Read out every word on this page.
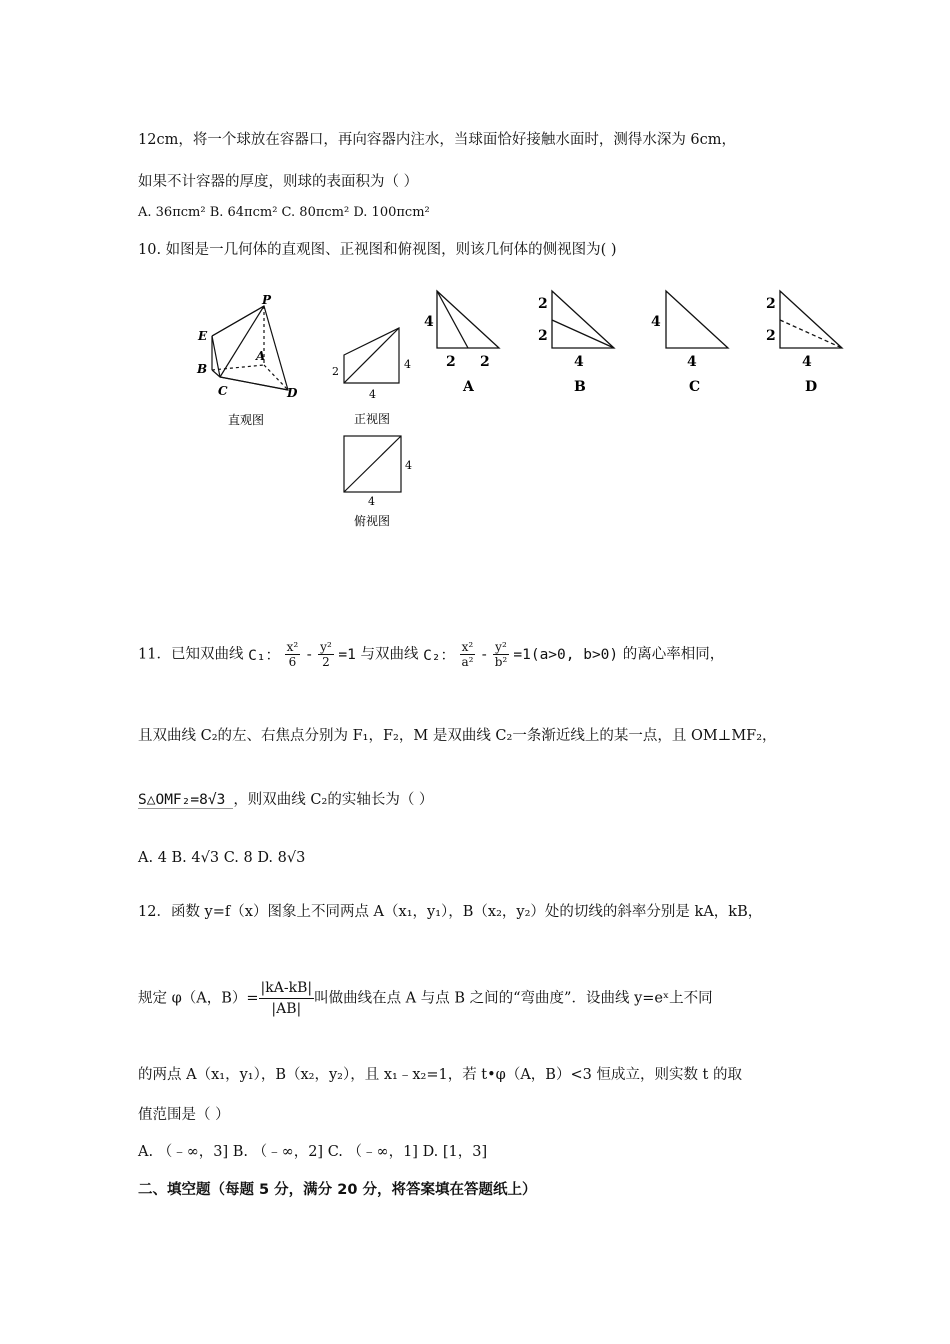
12cm，将一个球放在容器口，再向容器内注水，当球面恰好接触水面时，测得水深为 6cm，
如果不计容器的厚度，则球的表面积为（ ）
A. 36πcm² B. 64πcm² C. 80πcm² D. 100πcm²
10. 如图是一几何体的直观图、正视图和俯视图，则该几何体的侧视图为( )
P
E
A
B
C	D
直观图
2
4
4
正视图
4
4
俯视图
4
2 2
A
2
2
4
B
4
4
C
2
2
4
D
11．已知双曲线 C₁： $\frac{\text{x²}}{6} - \frac{\text{y²}}{2} =1$ 与双曲线 C₂： $\frac{\text{x²}}{\text{a²}} - \frac{\text{y²}}{\text{b²}} =1(a>0$, b>0) 的离心率相同，
且双曲线 C₂的左、右焦点分别为 F₁，F₂，M 是双曲线 C₂一条渐近线上的某一点，且 OM⊥MF₂，
S△OMF₂=8√3 ，则双曲线 C₂的实轴长为（ ）
A. 4 B. 4√3 C. 8 D. 8√3
12．函数 y=f（x）图象上不同两点 A（x₁，y₁），B（x₂，y₂）处的切线的斜率分别是 kA，kB，
规定 φ（A，$B)= \frac{|kA-kB|}{|AB|}$ 叫做曲线在点 A 与点 B 之间的“弯曲度”．设曲线 y=eˣ上不同
的两点 A（x₁，y₁），B（x₂，y₂），且 x₁﹣x₂=1，若 t•φ（A，B）<3 恒成立，则实数 t 的取
值范围是（ ）
A. （﹣∞，3] B. （﹣∞，2] C. （﹣∞，1] D. [1，3]
二、填空题（每题 5 分，满分 20 分，将答案填在答题纸上）
